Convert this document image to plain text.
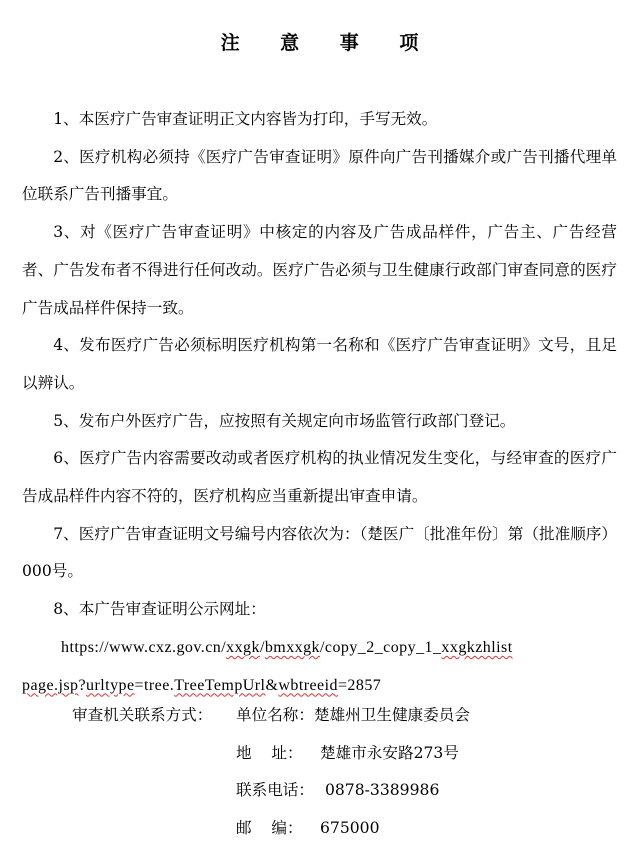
注 意 事 项

1、本医疗广告审查证明正文内容皆为打印，手写无效。

2、医疗机构必须持《医疗广告审查证明》原件向广告刊播媒介或广告刊播代理单位联系广告刊播事宜。

3、对《医疗广告审查证明》中核定的内容及广告成品样件，广告主、广告经营者、广告发布者不得进行任何改动。医疗广告必须与卫生健康行政部门审查同意的医疗广告成品样件保持一致。

4、发布医疗广告必须标明医疗机构第一名称和《医疗广告审查证明》文号，且足以辨认。

5、发布户外医疗广告，应按照有关规定向市场监管行政部门登记。

6、医疗广告内容需要改动或者医疗机构的执业情况发生变化，与经审查的医疗广告成品样件内容不符的，医疗机构应当重新提出审查申请。

7、医疗广告审查证明文号编号内容依次为：（楚医广〔批准年份〕第（批准顺序）000号。

8、本广告审查证明公示网址：

https://www.cxz.gov.cn/xxgk/bmxxgk/copy_2_copy_1_xxgkzhlist

page.jsp?urltype=tree.TreeTempUrl&wbtreeid=2857

审查机关联系方式：	单位名称： 楚雄州卫生健康委员会
地    址：	楚雄市永安路273号
联系电话： 0878-3389986
邮    编：	675000
